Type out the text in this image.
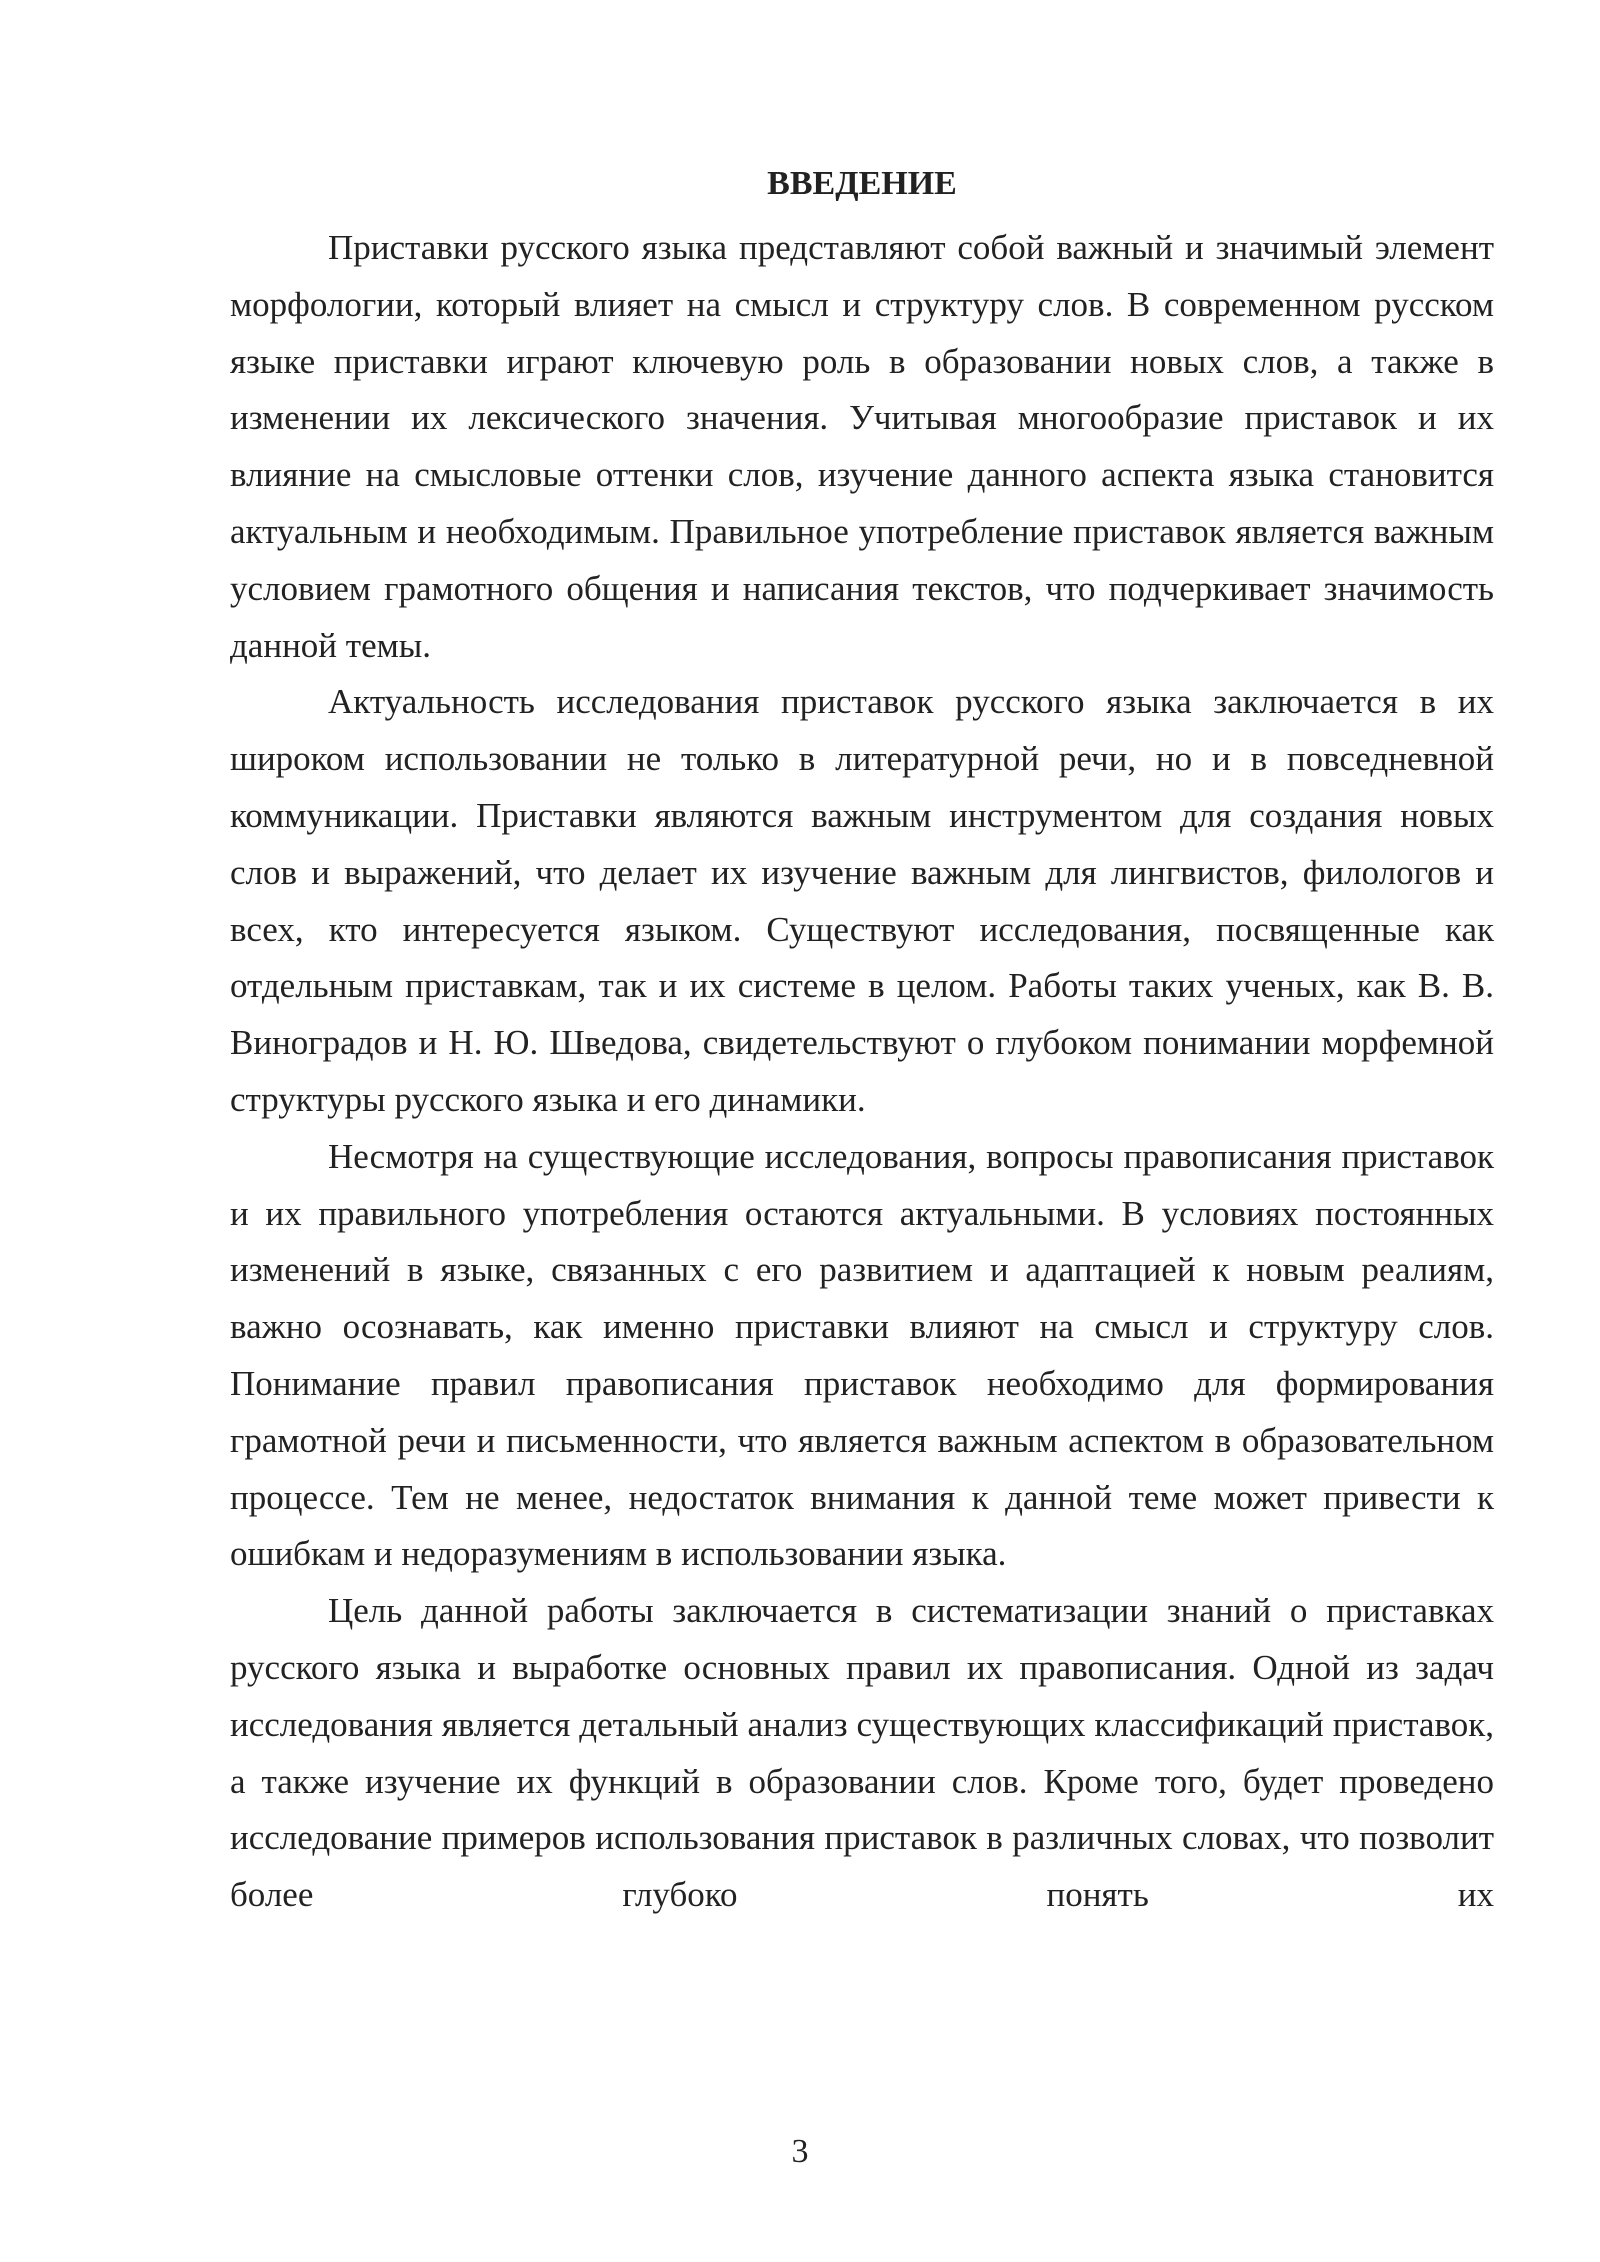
ВВЕДЕНИЕ

Приставки русского языка представляют собой важный и значимый элемент морфологии, который влияет на смысл и структуру слов. В современном русском языке приставки играют ключевую роль в образовании новых слов, а также в изменении их лексического значения. Учитывая многообразие приставок и их влияние на смысловые оттенки слов, изучение данного аспекта языка становится актуальным и необходимым. Правильное употребление приставок является важным условием грамотного общения и написания текстов, что подчеркивает значимость данной темы.

Актуальность исследования приставок русского языка заключается в их широком использовании не только в литературной речи, но и в повседневной коммуникации. Приставки являются важным инструментом для создания новых слов и выражений, что делает их изучение важным для лингвистов, филологов и всех, кто интересуется языком. Существуют исследования, посвященные как отдельным приставкам, так и их системе в целом. Работы таких ученых, как В. В. Виноградов и Н. Ю. Шведова, свидетельствуют о глубоком понимании морфемной структуры русского языка и его динамики.

Несмотря на существующие исследования, вопросы правописания приставок и их правильного употребления остаются актуальными. В условиях постоянных изменений в языке, связанных с его развитием и адаптацией к новым реалиям, важно осознавать, как именно приставки влияют на смысл и структуру слов. Понимание правил правописания приставок необходимо для формирования грамотной речи и письменности, что является важным аспектом в образовательном процессе. Тем не менее, недостаток внимания к данной теме может привести к ошибкам и недоразумениям в использовании языка.

Цель данной работы заключается в систематизации знаний о приставках русского языка и выработке основных правил их правописания. Одной из задач исследования является детальный анализ существующих классификаций приставок, а также изучение их функций в образовании слов. Кроме того, будет проведено исследование примеров использования приставок в различных словах, что позволит более глубоко понять их

3
